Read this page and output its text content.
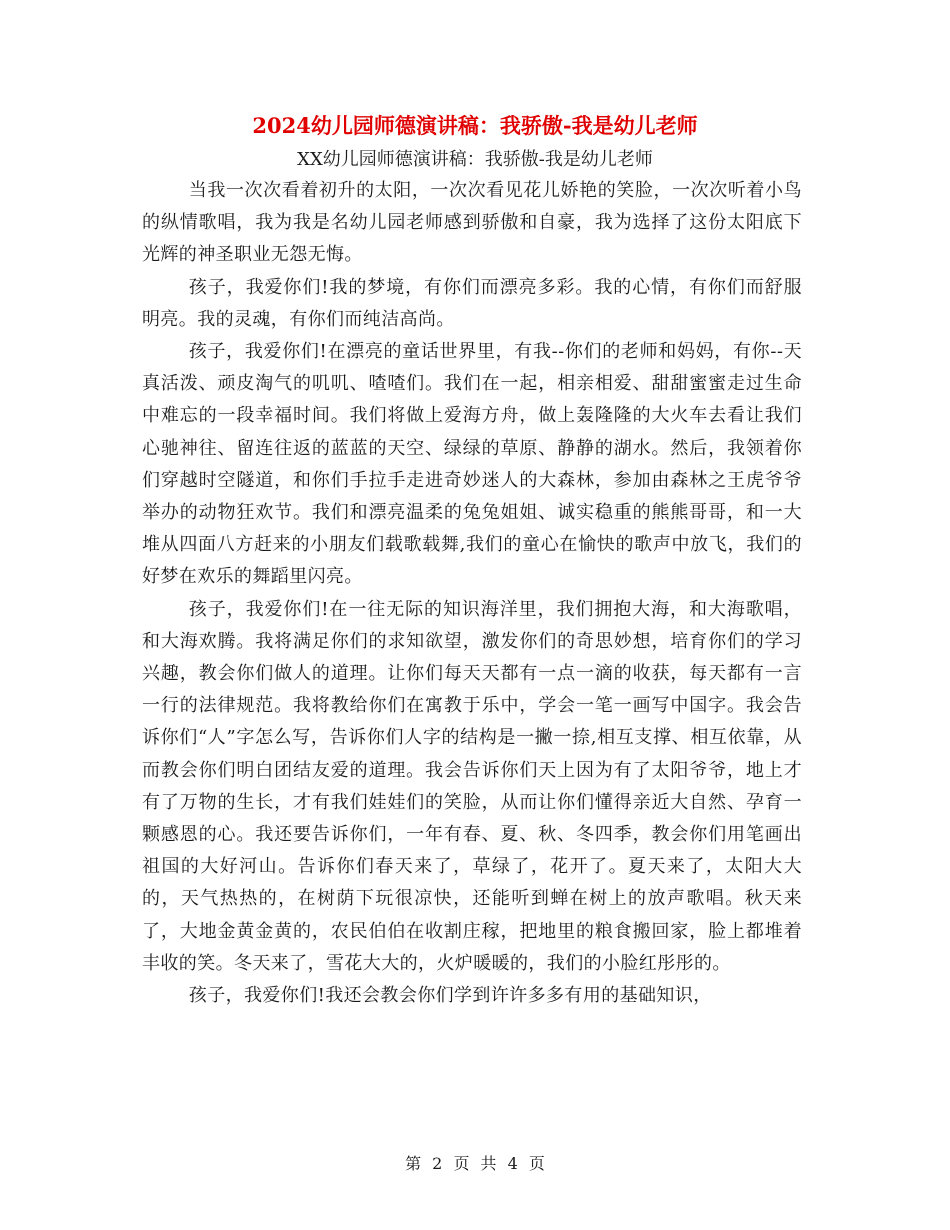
2024幼儿园师德演讲稿：我骄傲-我是幼儿老师
XX幼儿园师德演讲稿：我骄傲-我是幼儿老师

当我一次次看着初升的太阳，一次次看见花儿娇艳的笑脸，一次次听着小鸟的纵情歌唱，我为我是名幼儿园老师感到骄傲和自豪，我为选择了这份太阳底下光辉的神圣职业无怨无悔。

孩子，我爱你们!我的梦境，有你们而漂亮多彩。我的心情，有你们而舒服明亮。我的灵魂，有你们而纯洁高尚。

孩子，我爱你们!在漂亮的童话世界里，有我--你们的老师和妈妈，有你--天真活泼、顽皮淘气的叽叽、喳喳们。我们在一起，相亲相爱、甜甜蜜蜜走过生命中难忘的一段幸福时间。我们将做上爱海方舟，做上轰隆隆的大火车去看让我们心驰神往、留连往返的蓝蓝的天空、绿绿的草原、静静的湖水。然后，我领着你们穿越时空隧道，和你们手拉手走进奇妙迷人的大森林，参加由森林之王虎爷爷举办的动物狂欢节。我们和漂亮温柔的兔兔姐姐、诚实稳重的熊熊哥哥，和一大堆从四面八方赶来的小朋友们载歌载舞,我们的童心在愉快的歌声中放飞，我们的好梦在欢乐的舞蹈里闪亮。

孩子，我爱你们!在一往无际的知识海洋里，我们拥抱大海，和大海歌唱，和大海欢腾。我将满足你们的求知欲望，激发你们的奇思妙想，培育你们的学习兴趣，教会你们做人的道理。让你们每天天都有一点一滴的收获，每天都有一言一行的法律规范。我将教给你们在寓教于乐中，学会一笔一画写中国字。我会告诉你们“人”字怎么写，告诉你们人字的结构是一撇一捺,相互支撑、相互依靠，从而教会你们明白团结友爱的道理。我会告诉你们天上因为有了太阳爷爷，地上才有了万物的生长，才有我们娃娃们的笑脸，从而让你们懂得亲近大自然、孕育一颗感恩的心。我还要告诉你们，一年有春、夏、秋、冬四季，教会你们用笔画出祖国的大好河山。告诉你们春天来了，草绿了，花开了。夏天来了，太阳大大的，天气热热的，在树荫下玩很凉快，还能听到蝉在树上的放声歌唱。秋天来了，大地金黄金黄的，农民伯伯在收割庄稼，把地里的粮食搬回家，脸上都堆着丰收的笑。冬天来了，雪花大大的，火炉暖暖的，我们的小脸红彤彤的。

孩子，我爱你们!我还会教会你们学到许许多多有用的基础知识，

第 2 页 共 4 页
